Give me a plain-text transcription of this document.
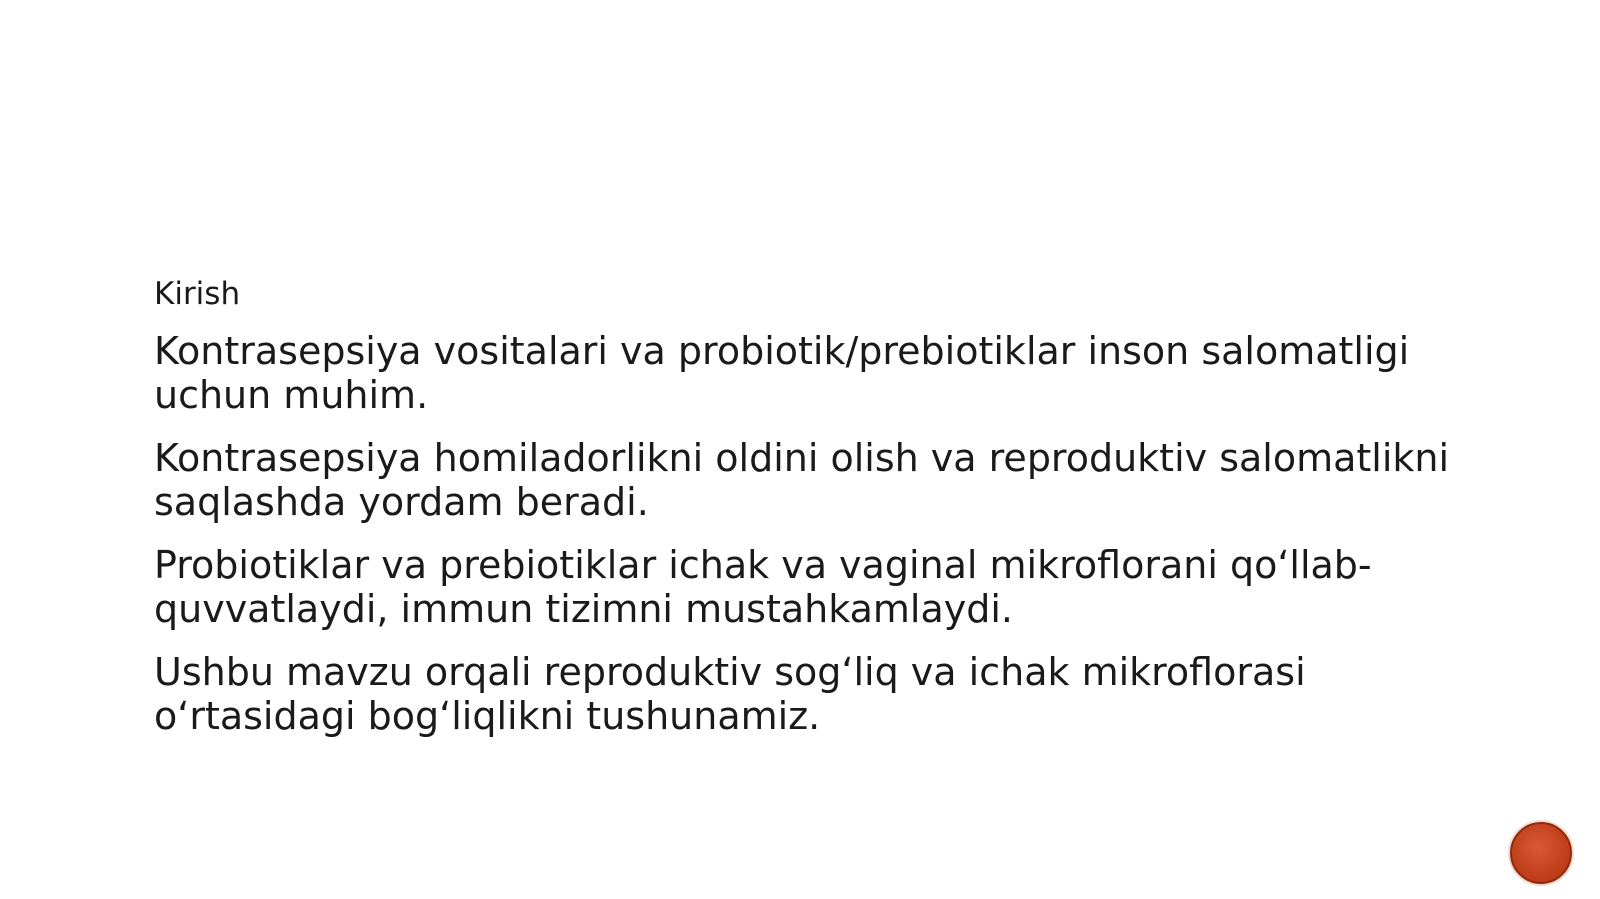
Kirish
Kontrasepsiya vositalari va probiotik/prebiotiklar inson salomatligi uchun muhim.
Kontrasepsiya homiladorlikni oldini olish va reproduktiv salomatlikni saqlashda yordam beradi.
Probiotiklar va prebiotiklar ichak va vaginal mikroflorani qo‘llab-quvvatlaydi, immun tizimni mustahkamlaydi.
Ushbu mavzu orqali reproduktiv sog‘liq va ichak mikroflorasi o‘rtasidagi bog‘liqlikni tushunamiz.
